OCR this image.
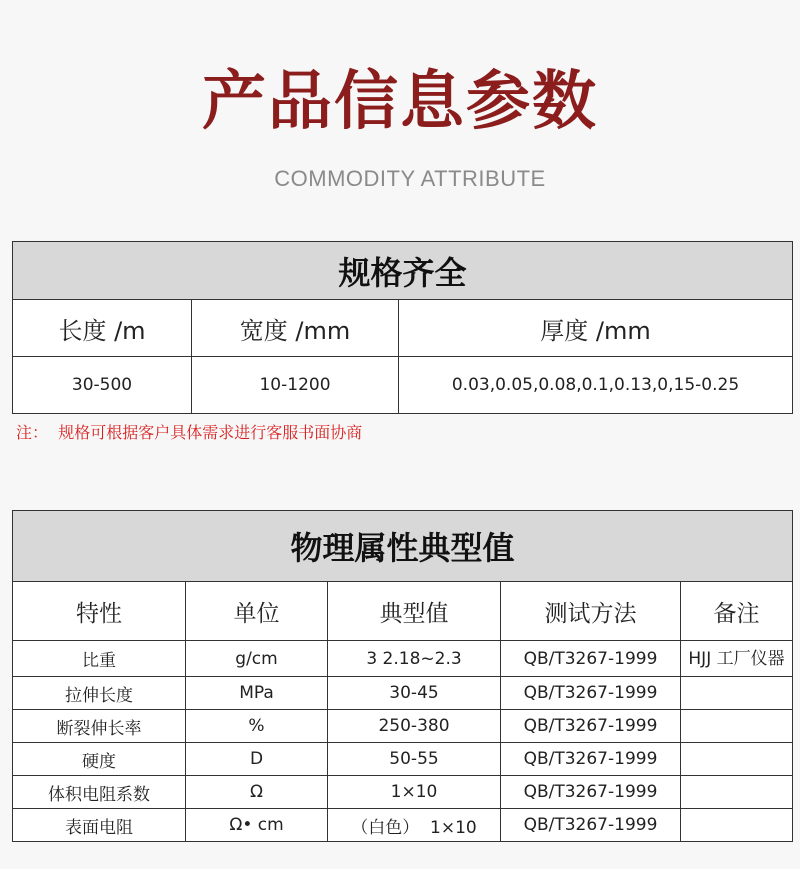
产品信息参数
COMMODITY ATTRIBUTE
规格齐全		
长度 /m	宽度 /mm	厚度 /mm
30-500	10-1200	0.03,0.05,0.08,0.1,0.13,0,15-0.25
注： 规格可根据客户具体需求进行客服书面协商
物理属性典型值				
特性	单位	典型值	测试方法	备注
比重	g/cm	3 2.18~2.3	QB/T3267-1999	HJJ 工厂仪器
拉伸长度	MPa	30-45	QB/T3267-1999	
断裂伸长率	%	250-380	QB/T3267-1999	
硬度	D	50-55	QB/T3267-1999	
体积电阻系数	Ω	1×10	QB/T3267-1999	
表面电阻	Ω• cm	（白色）  1×10	QB/T3267-1999	
